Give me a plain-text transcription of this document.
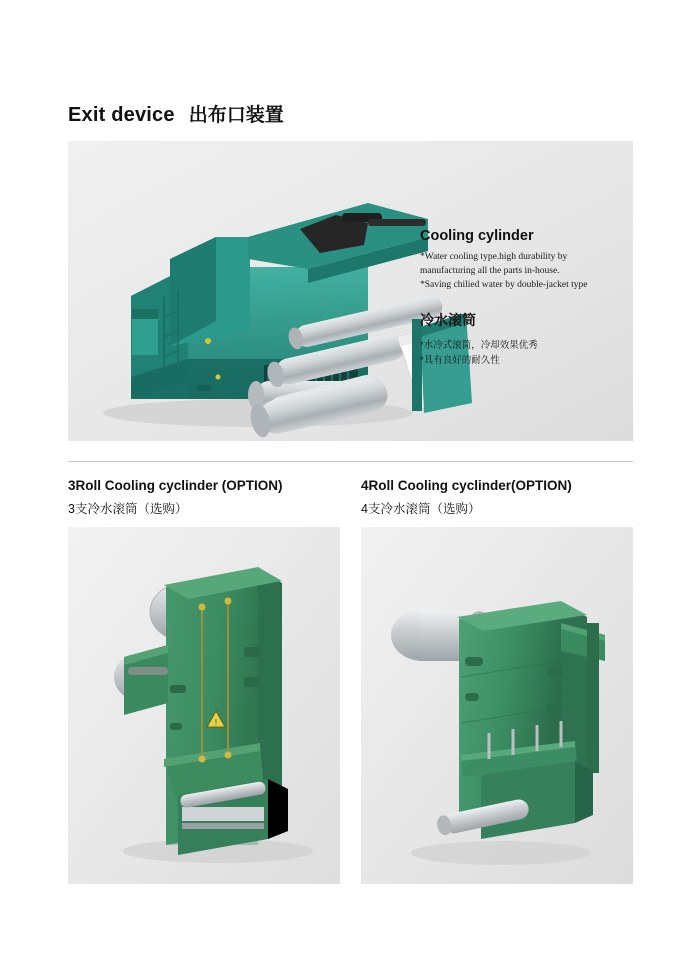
Exit device 出布口装置
Cooling cylinder
*Water cooling type.high durability by
manufacturing all the parts in-house.
*Saving chilied water by double-jacket type
冷水滚筒
*水冷式滚筒，冷却效果优秀
*具有良好的耐久性
3Roll Cooling cyclinder (OPTION)
3支冷水滚筒（选购）
!
4Roll Cooling cyclinder(OPTION)
4支冷水滚筒（选购）
